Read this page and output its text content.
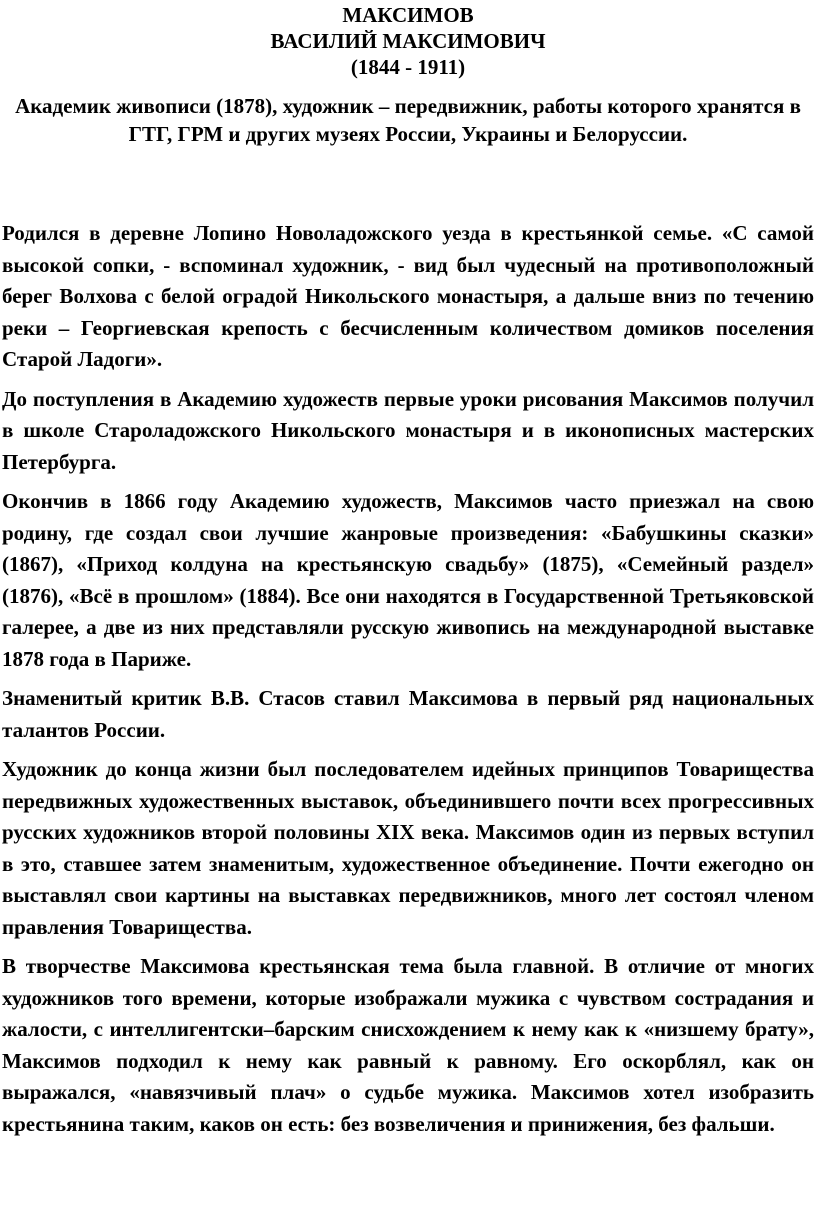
МАКСИМОВ
ВАСИЛИЙ МАКСИМОВИЧ
(1844 - 1911)
Академик живописи (1878), художник – передвижник, работы которого хранятся в ГТГ, ГРМ и других музеях России, Украины и Белоруссии.

Родился в деревне Лопино Новоладожского уезда в крестьянкой семье. «С самой высокой сопки, - вспоминал художник, - вид был чудесный на противоположный берег Волхова с белой оградой Никольского монастыря, а дальше вниз по течению реки – Георгиевская крепость с бесчисленным количеством домиков поселения Старой Ладоги».

До поступления в Академию художеств первые уроки рисования Максимов получил в школе Староладожского Никольского монастыря и в иконописных мастерских Петербурга.

Окончив в 1866 году Академию художеств, Максимов часто приезжал на свою родину, где создал свои лучшие жанровые произведения: «Бабушкины сказки» (1867), «Приход колдуна на крестьянскую свадьбу» (1875), «Семейный раздел» (1876), «Всё в прошлом» (1884). Все они находятся в Государственной Третьяковской галерее, а две из них представляли русскую живопись на международной выставке 1878 года в Париже.

Знаменитый критик В.В. Стасов ставил Максимова в первый ряд национальных талантов России.

Художник до конца жизни был последователем идейных принципов Товарищества передвижных художественных выставок, объединившего почти всех прогрессивных русских художников второй половины XIX века. Максимов один из первых вступил в это, ставшее затем знаменитым, художественное объединение. Почти ежегодно он выставлял свои картины на выставках передвижников, много лет состоял членом правления Товарищества.

В творчестве Максимова крестьянская тема была главной. В отличие от многих художников того времени, которые изображали мужика с чувством сострадания и жалости, с интеллигентски–барским снисхождением к нему как к «низшему брату», Максимов подходил к нему как равный к равному. Его оскорблял, как он выражался, «навязчивый плач» о судьбе мужика. Максимов хотел изобразить крестьянина таким, каков он есть: без возвеличения и принижения, без фальши.
